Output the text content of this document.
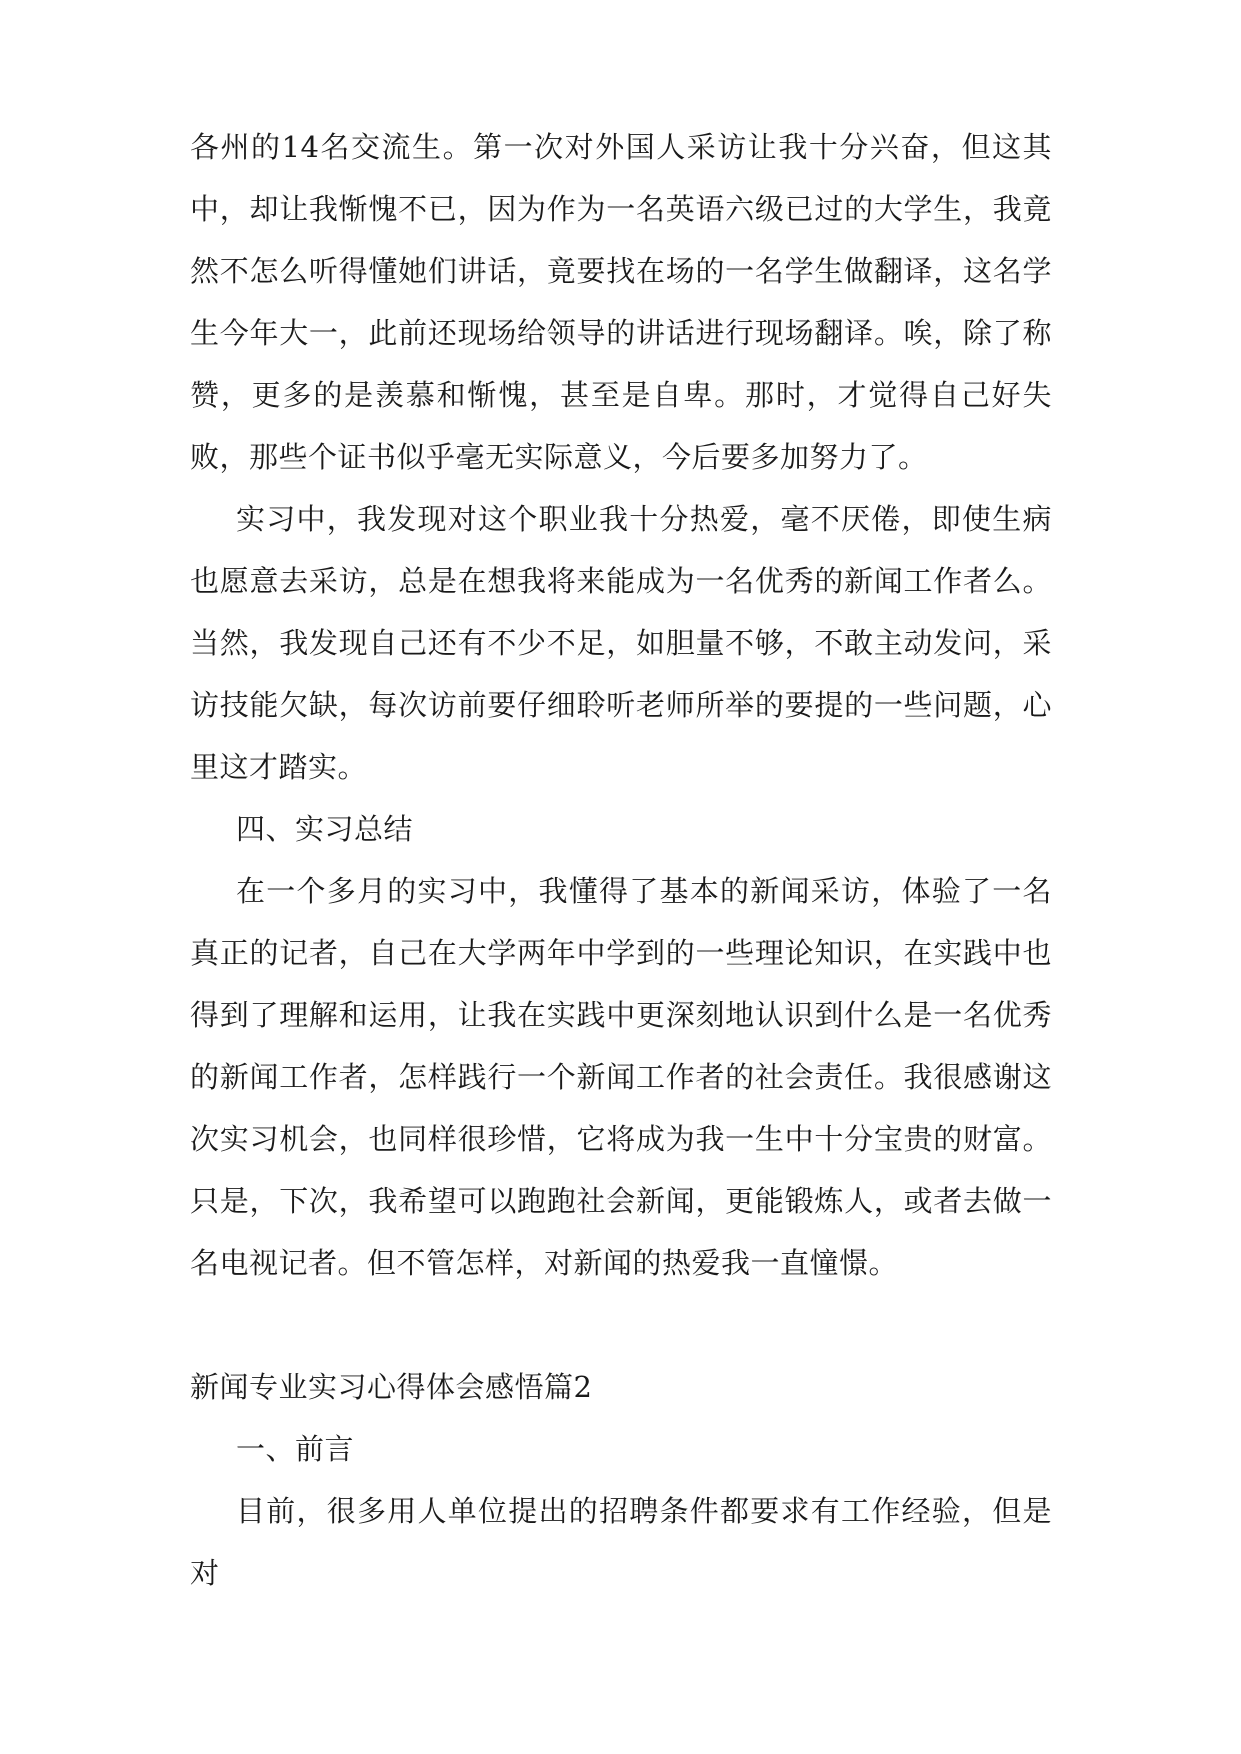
各州的14名交流生。第一次对外国人采访让我十分兴奋，但这其中，却让我惭愧不已，因为作为一名英语六级已过的大学生，我竟然不怎么听得懂她们讲话，竟要找在场的一名学生做翻译，这名学生今年大一，此前还现场给领导的讲话进行现场翻译。唉，除了称赞，更多的是羡慕和惭愧，甚至是自卑。那时，才觉得自己好失败，那些个证书似乎毫无实际意义，今后要多加努力了。

实习中，我发现对这个职业我十分热爱，毫不厌倦，即使生病也愿意去采访，总是在想我将来能成为一名优秀的新闻工作者么。当然，我发现自己还有不少不足，如胆量不够，不敢主动发问，采访技能欠缺，每次访前要仔细聆听老师所举的要提的一些问题，心里这才踏实。

四、实习总结

在一个多月的实习中，我懂得了基本的新闻采访，体验了一名真正的记者，自己在大学两年中学到的一些理论知识，在实践中也得到了理解和运用，让我在实践中更深刻地认识到什么是一名优秀的新闻工作者，怎样践行一个新闻工作者的社会责任。我很感谢这次实习机会，也同样很珍惜，它将成为我一生中十分宝贵的财富。只是，下次，我希望可以跑跑社会新闻，更能锻炼人，或者去做一名电视记者。但不管怎样，对新闻的热爱我一直憧憬。

新闻专业实习心得体会感悟篇2

一、前言

目前，很多用人单位提出的招聘条件都要求有工作经验，但是对
